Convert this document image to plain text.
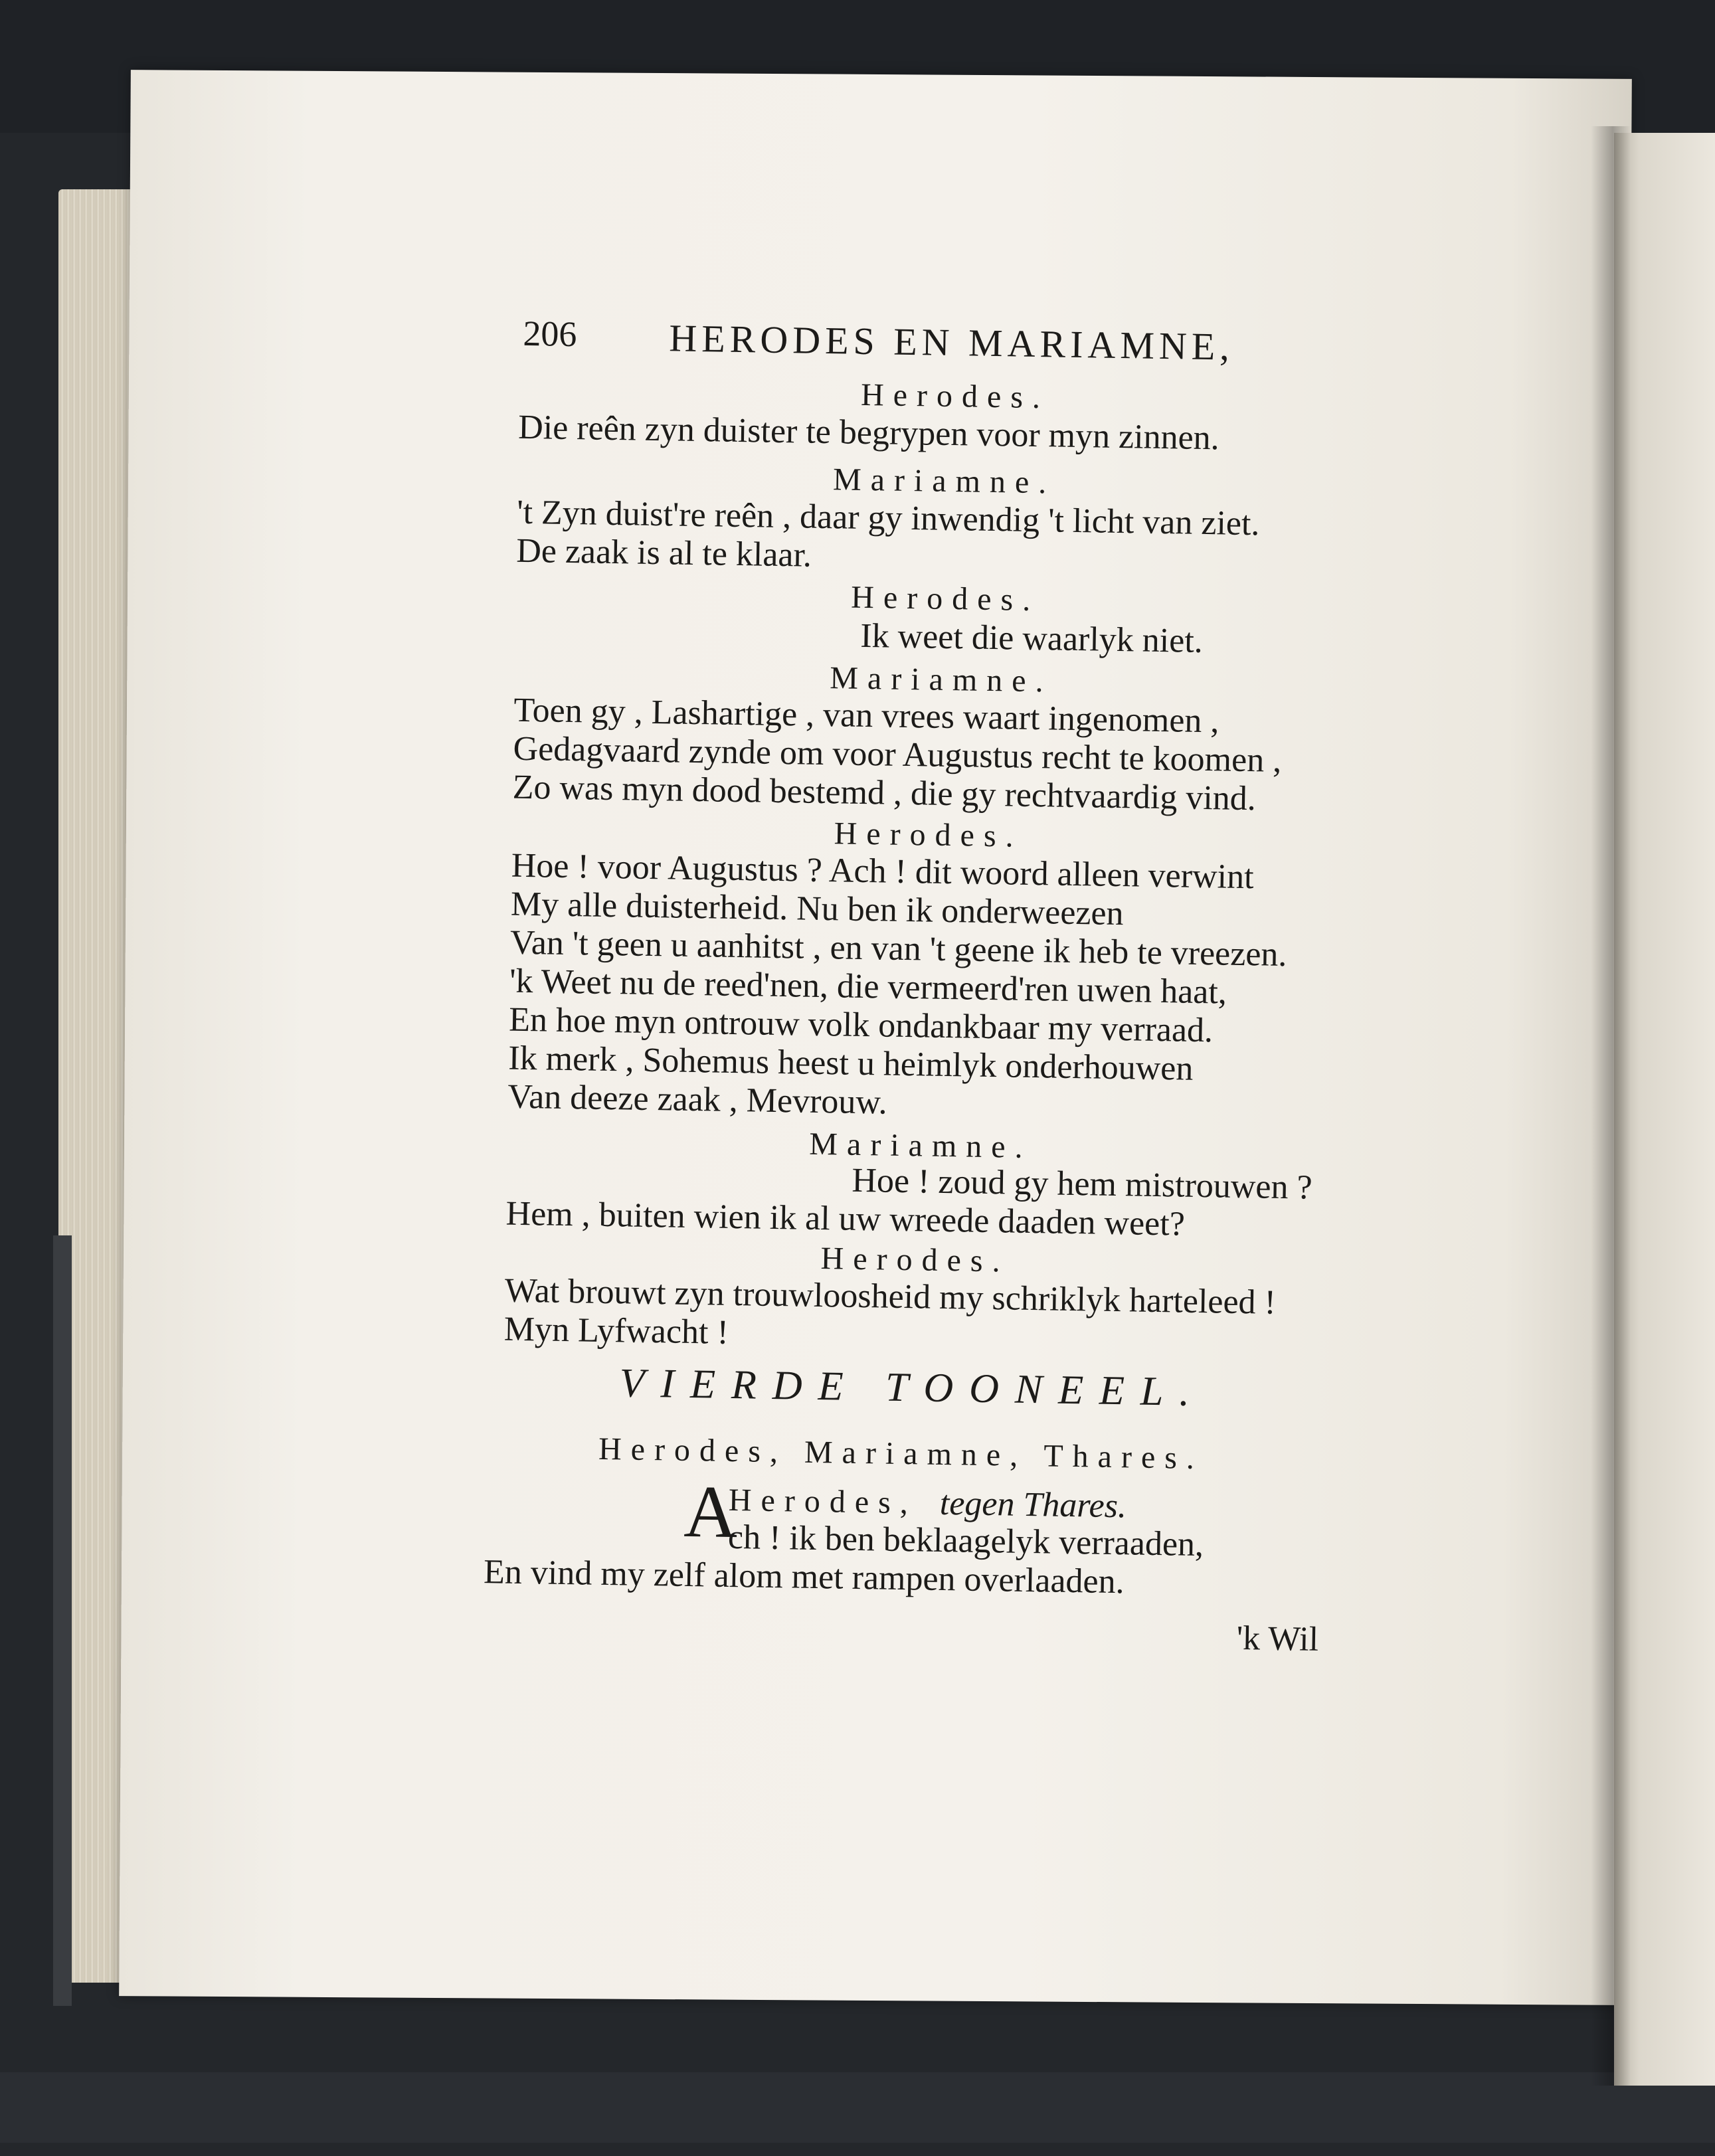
206 HERODES EN MARIAMNE,
Herodes.
Die reên zyn duister te begrypen voor myn zinnen.
Mariamne.
't Zyn duist're reên , daar gy inwendig 't licht van ziet.
De zaak is al te klaar.
Herodes.
Ik weet die waarlyk niet.
Mariamne.
Toen gy , Lashartige , van vrees waart ingenomen ,
Gedagvaard zynde om voor Augustus recht te koomen ,
Zo was myn dood bestemd , die gy rechtvaardig vind.
Herodes.
Hoe ! voor Augustus ? Ach ! dit woord alleen verwint
My alle duisterheid. Nu ben ik onderweezen
Van 't geen u aanhitst , en van 't geene ik heb te vreezen.
'k Weet nu de reed'nen, die vermeerd'ren uwen haat,
En hoe myn ontrouw volk ondankbaar my verraad.
Ik merk , Sohemus heest u heimlyk onderhouwen
Van deeze zaak , Mevrouw.
Mariamne.
Hoe ! zoud gy hem mistrouwen ?
Hem , buiten wien ik al uw wreede daaden weet?
Herodes.
Wat brouwt zyn trouwloosheid my schriklyk harteleed !
Myn Lyfwacht !
VIERDE TOONEEL.
Herodes, Mariamne, Thares.
A
Herodes, tegen Thares.
ch ! ik ben beklaagelyk verraaden,
En vind my zelf alom met rampen overlaaden.
'k Wil
